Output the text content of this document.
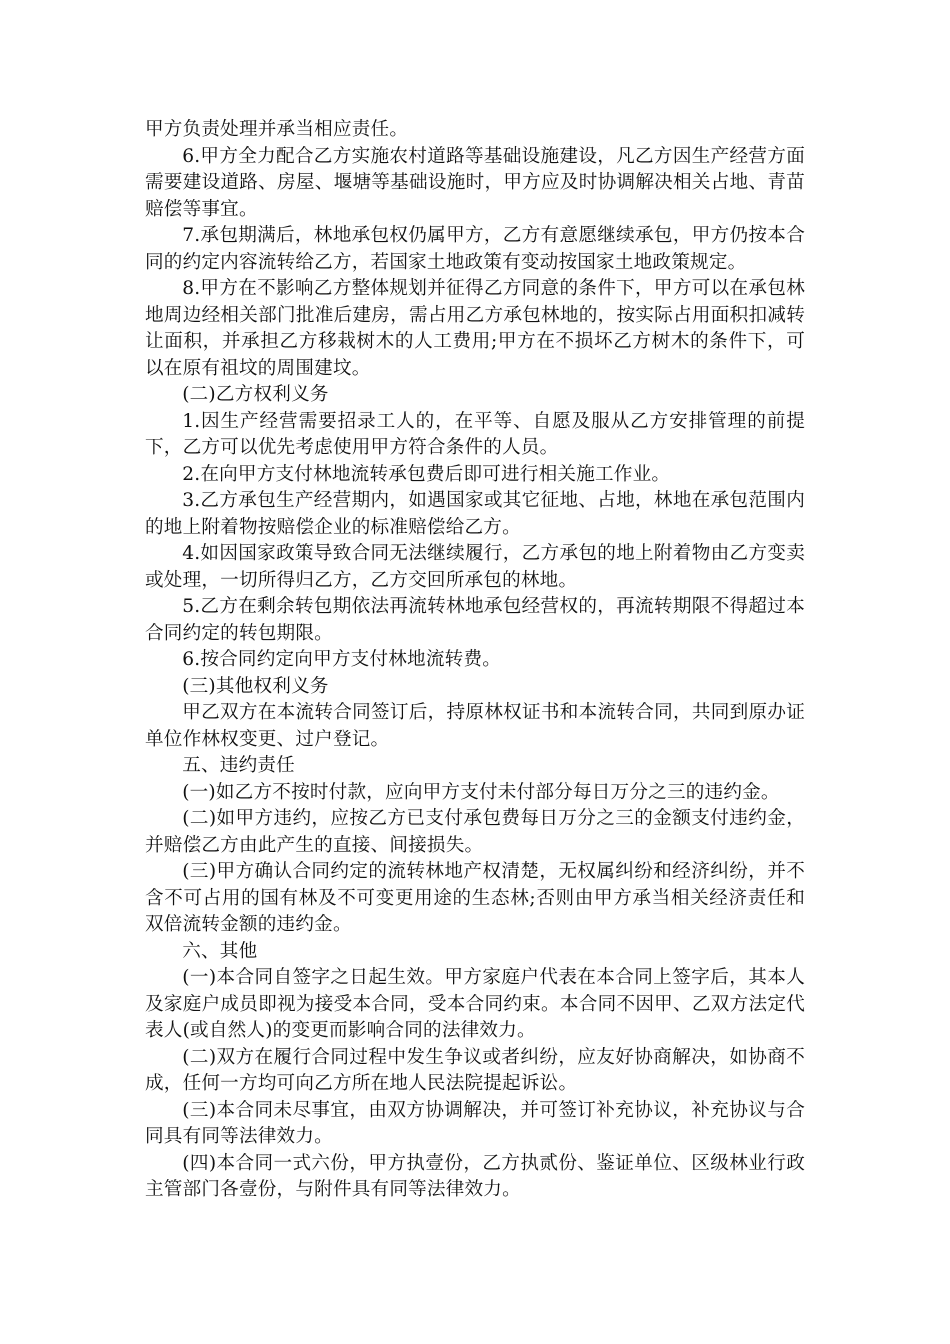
甲方负责处理并承当相应责任。

6.甲方全力配合乙方实施农村道路等基础设施建设，凡乙方因生产经营方面需要建设道路、房屋、堰塘等基础设施时，甲方应及时协调解决相关占地、青苗赔偿等事宜。

7.承包期满后，林地承包权仍属甲方，乙方有意愿继续承包，甲方仍按本合同的约定内容流转给乙方，若国家土地政策有变动按国家土地政策规定。

8.甲方在不影响乙方整体规划并征得乙方同意的条件下，甲方可以在承包林地周边经相关部门批准后建房，需占用乙方承包林地的，按实际占用面积扣减转让面积，并承担乙方移栽树木的人工费用;甲方在不损坏乙方树木的条件下，可以在原有祖坟的周围建坟。

(二)乙方权利义务

1.因生产经营需要招录工人的，在平等、自愿及服从乙方安排管理的前提下，乙方可以优先考虑使用甲方符合条件的人员。

2.在向甲方支付林地流转承包费后即可进行相关施工作业。

3.乙方承包生产经营期内，如遇国家或其它征地、占地，林地在承包范围内的地上附着物按赔偿企业的标准赔偿给乙方。

4.如因国家政策导致合同无法继续履行，乙方承包的地上附着物由乙方变卖或处理，一切所得归乙方，乙方交回所承包的林地。

5.乙方在剩余转包期依法再流转林地承包经营权的，再流转期限不得超过本合同约定的转包期限。

6.按合同约定向甲方支付林地流转费。

(三)其他权利义务

甲乙双方在本流转合同签订后，持原林权证书和本流转合同，共同到原办证单位作林权变更、过户登记。

五、违约责任

(一)如乙方不按时付款，应向甲方支付未付部分每日万分之三的违约金。

(二)如甲方违约，应按乙方已支付承包费每日万分之三的金额支付违约金，并赔偿乙方由此产生的直接、间接损失。

(三)甲方确认合同约定的流转林地产权清楚，无权属纠纷和经济纠纷，并不含不可占用的国有林及不可变更用途的生态林;否则由甲方承当相关经济责任和双倍流转金额的违约金。

六、其他

(一)本合同自签字之日起生效。甲方家庭户代表在本合同上签字后，其本人及家庭户成员即视为接受本合同，受本合同约束。本合同不因甲、乙双方法定代表人(或自然人)的变更而影响合同的法律效力。

(二)双方在履行合同过程中发生争议或者纠纷，应友好协商解决，如协商不成，任何一方均可向乙方所在地人民法院提起诉讼。

(三)本合同未尽事宜，由双方协调解决，并可签订补充协议，补充协议与合同具有同等法律效力。

(四)本合同一式六份，甲方执壹份，乙方执贰份、鉴证单位、区级林业行政主管部门各壹份，与附件具有同等法律效力。
